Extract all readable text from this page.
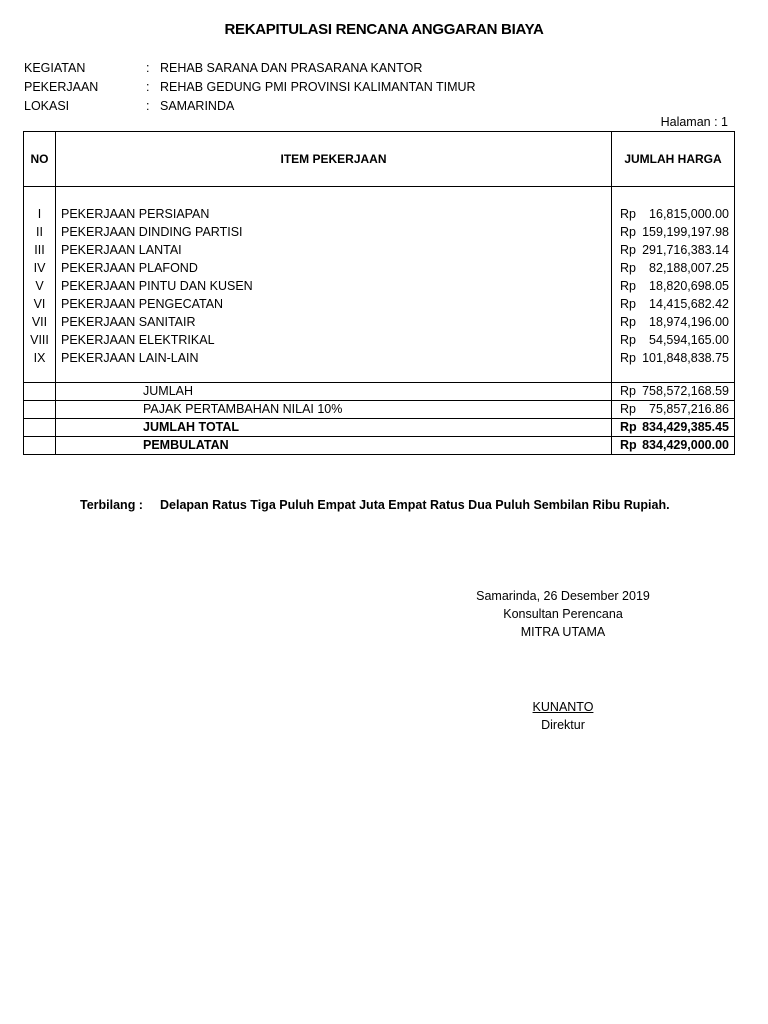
REKAPITULASI RENCANA ANGGARAN BIAYA
KEGIATAN	: REHAB SARANA DAN PRASARANA KANTOR
PEKERJAAN	: REHAB GEDUNG PMI PROVINSI KALIMANTAN TIMUR
LOKASI	: SAMARINDA
Halaman : 1
NO	ITEM PEKERJAAN	JUMLAH HARGA

I	PEKERJAAN PERSIAPAN	Rp 16,815,000.00

II	PEKERJAAN DINDING PARTISI	Rp 159,199,197.98

III	PEKERJAAN LANTAI	Rp 291,716,383.14

IV	PEKERJAAN PLAFOND	Rp 82,188,007.25

V	PEKERJAAN PINTU DAN KUSEN	Rp 18,820,698.05

VI	PEKERJAAN PENGECATAN	Rp 14,415,682.42

VII	PEKERJAAN SANITAIR	Rp 18,974,196.00

VIII	PEKERJAAN ELEKTRIKAL	Rp 54,594,165.00

IX	PEKERJAAN LAIN-LAIN	Rp 101,848,838.75

	JUMLAH	Rp 758,572,168.59

	PAJAK PERTAMBAHAN NILAI 10%	Rp 75,857,216.86

	JUMLAH TOTAL	Rp 834,429,385.45

	PEMBULATAN	Rp 834,429,000.00
Terbilang : Delapan Ratus Tiga Puluh Empat Juta Empat Ratus Dua Puluh Sembilan Ribu Rupiah.
Samarinda, 26 Desember 2019
Konsultan Perencana
MITRA UTAMA
KUNANTO
Direktur
